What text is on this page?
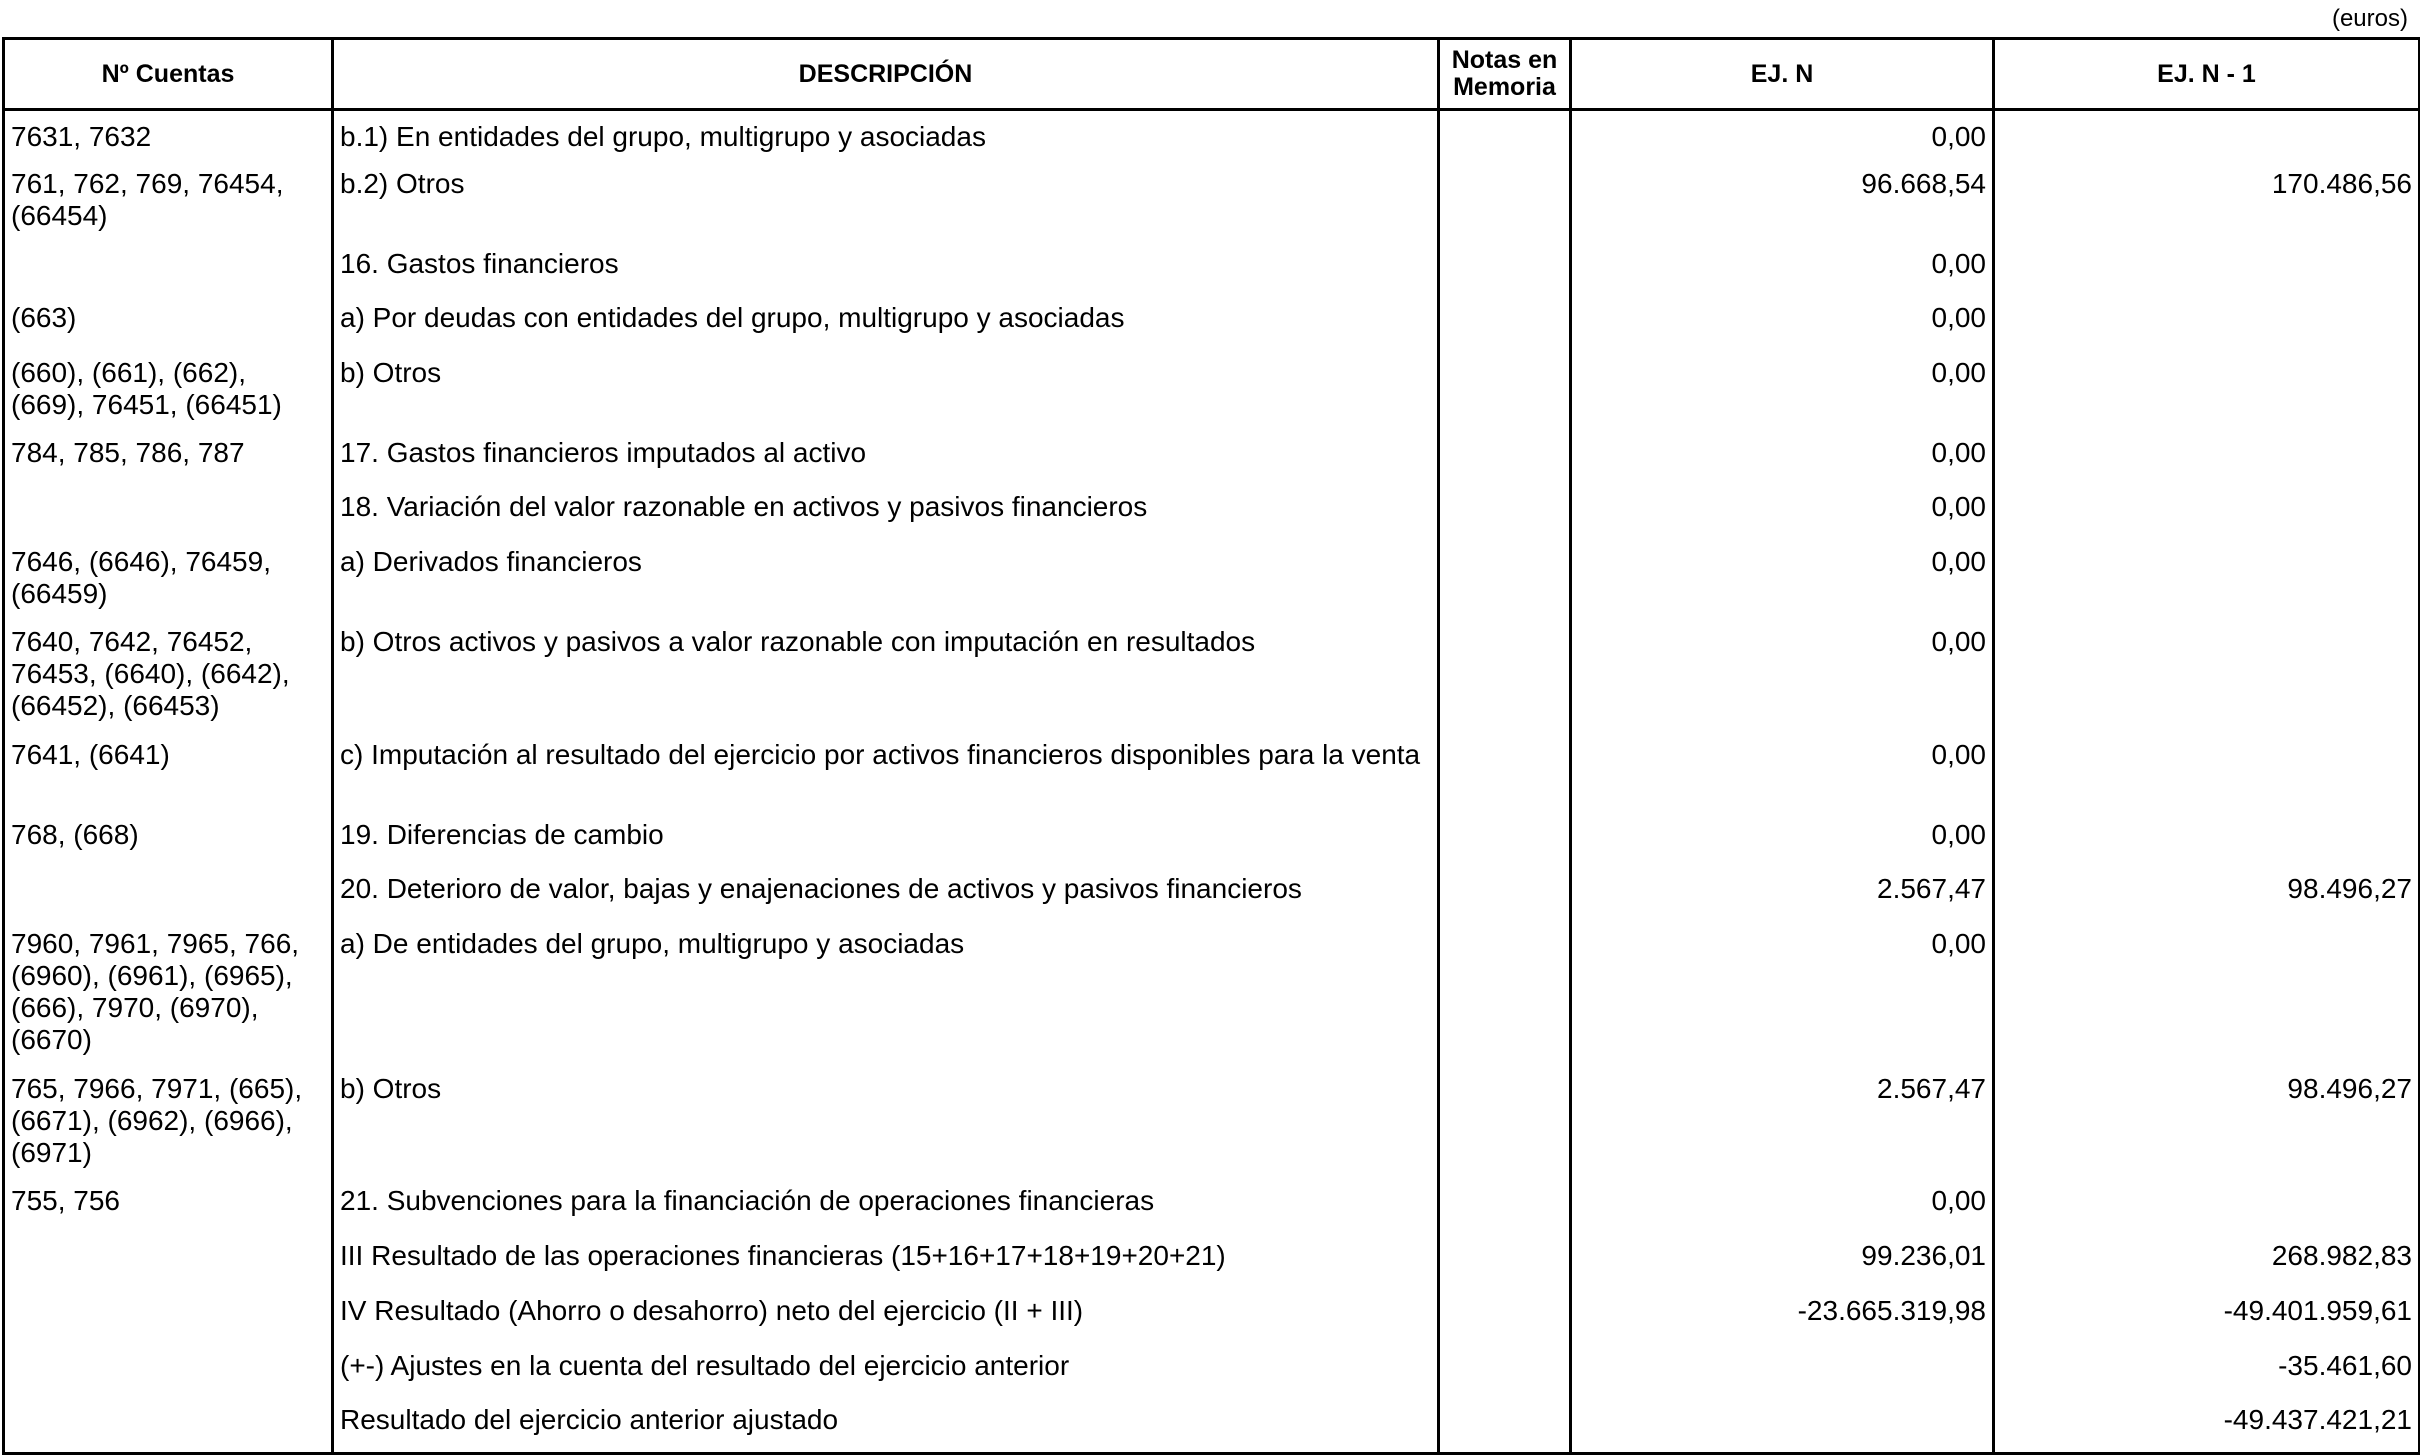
(euros)
Nº Cuentas	DESCRIPCIÓN	Notas en Memoria	EJ. N	EJ. N - 1
7631, 7632	b.1) En entidades del grupo, multigrupo y asociadas		0,00	
761, 762, 769, 76454, (66454)	b.2) Otros		96.668,54	170.486,56
	16. Gastos financieros		0,00	
(663)	a) Por deudas con entidades del grupo, multigrupo y asociadas		0,00	
(660), (661), (662), (669), 76451, (66451)	b) Otros		0,00	
784, 785, 786, 787	17. Gastos financieros imputados al activo		0,00	
	18. Variación del valor razonable en activos y pasivos financieros		0,00	
7646, (6646), 76459, (66459)	a) Derivados financieros		0,00	
7640, 7642, 76452, 76453, (6640), (6642), (66452), (66453)	b) Otros activos y pasivos a valor razonable con imputación en resultados		0,00	
7641, (6641)	c) Imputación al resultado del ejercicio por activos financieros disponibles para la venta		0,00	
768, (668)	19. Diferencias de cambio		0,00	
	20. Deterioro de valor, bajas y enajenaciones de activos y pasivos financieros		2.567,47	98.496,27
7960, 7961, 7965, 766, (6960), (6961), (6965), (666), 7970, (6970), (6670)	a) De entidades del grupo, multigrupo y asociadas		0,00	
765, 7966, 7971, (665), (6671), (6962), (6966), (6971)	b) Otros		2.567,47	98.496,27
755, 756	21. Subvenciones para la financiación de operaciones financieras		0,00	
	III Resultado de las operaciones financieras (15+16+17+18+19+20+21)		99.236,01	268.982,83
	IV Resultado (Ahorro o desahorro) neto del ejercicio (II + III)		-23.665.319,98	-49.401.959,61
	(+-) Ajustes en la cuenta del resultado del ejercicio anterior			-35.461,60
	Resultado del ejercicio anterior ajustado			-49.437.421,21
